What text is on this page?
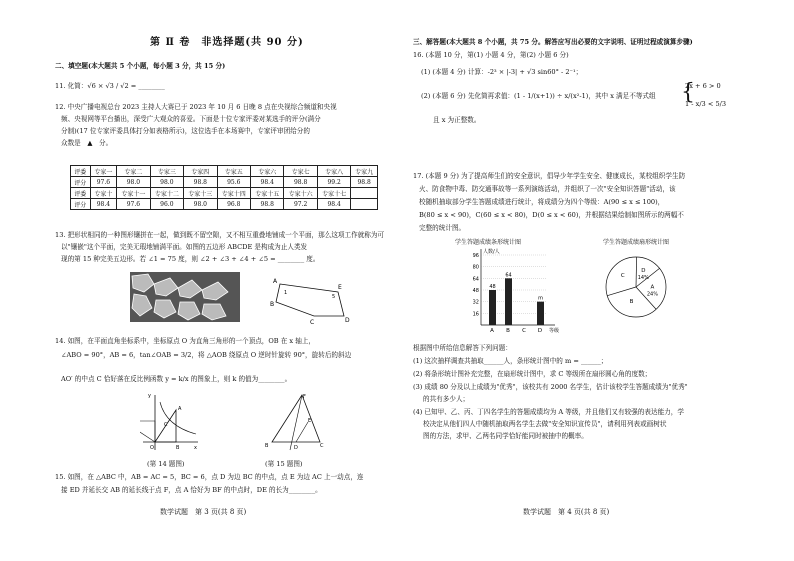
第 Ⅱ 卷　非选择题(共 90 分)
二、填空题(本大题共 5 个小题，每小题 3 分，共 15 分)
11. 化简：√6 × √3 / √2 = ________
12. 中央广播电视总台 2023 主持人大赛已于 2023 年 10 月 6 日晚 8 点在央视综合频道和央视
频、央视网等平台播出，深受广大观众的喜爱。下面是十位专家评委对某选手的评分(满分
分制)(17 位专家评委具体打分如表格所示)，这位选手在本场赛中，专家评审团给分的
众数是　▲　分。
评委	专家一	专家二	专家三	专家四	专家五	专家六	专家七	专家八	专家九
评分	97.6	98.0	98.0	98.8	95.6	98.4	98.8	99.2	98.8
评委	专家十	专家十一	专家十二	专家十三	专家十四	专家十五	专家十六	专家十七	
评分	98.4	97.6	96.0	98.0	96.8	98.8	97.2	98.4	
13. 把形状相同的一种图形镶拼在一起，做到既不留空隙，又不相互重叠地铺成一个平面，那么这项工作就称为可
以"镶嵌"这个平面，完美无瑕地铺满平面。如图的五边形 ABCDE 是构成为止人类发
现的第 15 种完美五边形。若 ∠1 = 75 度，则 ∠2 + ∠3 + ∠4 + ∠5 = ________ 度。
A
E
D
C
B
1
5
14. 如图，在平面直角坐标系中，坐标原点 O 为直角三角形的一个顶点，OB 在 x 轴上，
∠ABO = 90°，AB = 6，tan∠OAB = 3/2，将 △AOB 绕原点 O 逆时针旋转 90°，旋转后的斜边
AO′ 的中点 C 恰好落在反比例函数 y = k/x 的图象上，则 k 的值为________。
O	B
A
C
y
x
F
B	C
D
E
(第 14 题图)	(第 15 题图)
15. 如图，在 △ABC 中，AB = AC = 5，BC = 6，点 D 为边 BC 的中点，点 E 为边 AC 上一动点，连
接 ED 并延长交 AB 的延长线于点 F，点 A 恰好为 BF 的中点时，DE 的长为________。
数学试题　第 3 页(共 8 页)
三、解答题(本大题共 8 个小题，共 75 分。解答应写出必要的文字说明、证明过程或演算步骤)
16. (本题 10 分，第(1) 小题 4 分，第(2) 小题 6 分)
(1) (本题 4 分) 计算：-2³ × |-3| + √3 sin60° - 2⁻¹；
(2) (本题 6 分) 先化简再求值：(1 - 1/(x+1)) ÷ x/(x²-1)，其中 x 满足不等式组
2x + 6 > 0
1 - x/3 < 5/3
{
且 x 为正整数。
17. (本题 9 分) 为了提高师生们的安全意识，倡导少年学生安全、健康成长，某校组织学生防
火、防食物中毒、防交通事故等一系列演练活动，并组织了一次"安全知识答题"活动，该
校随机抽取部分学生答题成绩进行统计，将成绩分为四个等级：A(90 ≤ x ≤ 100)，
B(80 ≤ x < 90)，C(60 ≤ x < 80)，D(0 ≤ x < 60)，并根据结果绘制如图所示的两幅不
完整的统计图。
学生答题成绩条形统计图	学生答题成绩扇形统计图
人数/人
等级
16
32
48
64
80
96
A
48
B
64
C D
m
A
24%
B
C
D
14%
根据图中所给信息解答下列问题：
(1) 这次抽样调查共抽取______人，条形统计图中的 m = ______；
(2) 将条形统计图补充完整，在扇形统计图中，求 C 等级所在扇形圆心角的度数；
(3) 成绩 80 分及以上成绩为"优秀"，该校共有 2000 名学生，估计该校学生答题成绩为"优秀"
的共有多少人；
(4) 已知甲、乙、丙、丁四名学生的答题成绩均为 A 等级，并且他们又有较强的表达能力，学
校决定从他们四人中随机抽取两名学生去做"安全知识宣传员"，请利用列表或画树状
图的方法，求甲、乙两名同学恰好能同时被抽中的概率。
数学试题　第 4 页(共 8 页)
